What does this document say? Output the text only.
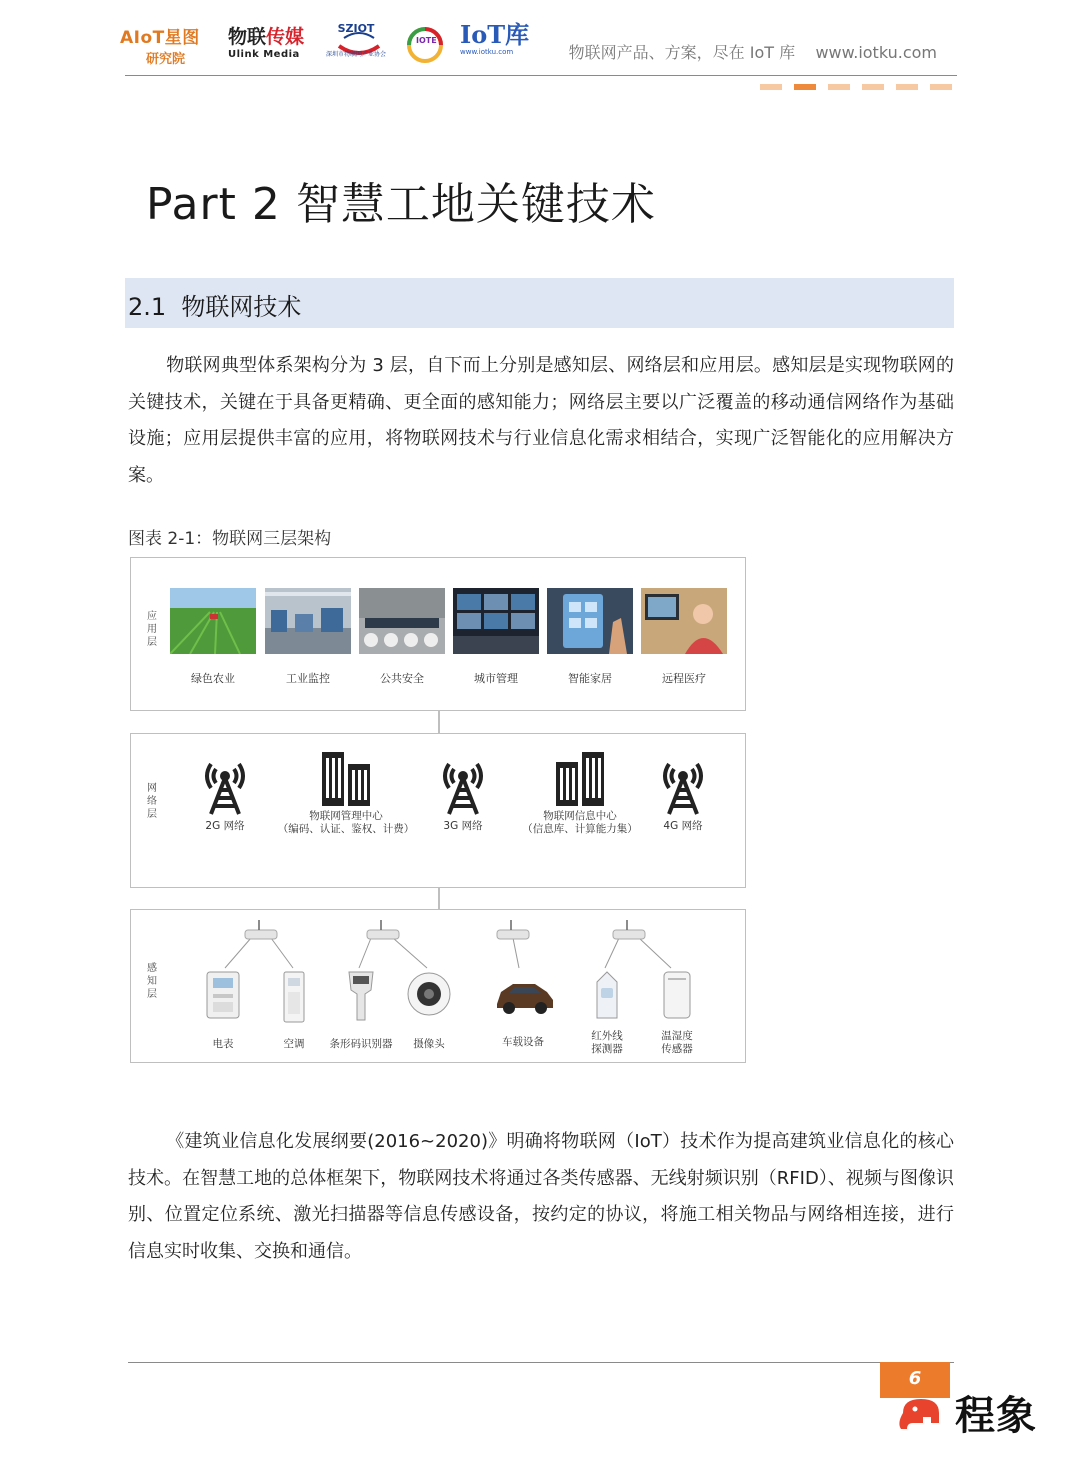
AIoT星图
研究院
物联传媒
Ulink Media
SZIOT
深圳市物联网产业协会
IOTE IoT库
www.iotku.com	物联网产品、方案，尽在 IoT 库    www.iotku.com
Part 2 智慧工地关键技术
2.1  物联网技术
物联网典型体系架构分为 3 层，自下而上分别是感知层、网络层和应用层。感知层是实现物联网的关键技术，关键在于具备更精确、更全面的感知能力；网络层主要以广泛覆盖的移动通信网络作为基础设施；应用层提供丰富的应用，将物联网技术与行业信息化需求相结合，实现广泛智能化的应用解决方案。
图表 2-1：物联网三层架构
应用层
绿色农业	工业监控	公共安全	城市管理	智能家居	远程医疗
网络层
2G 网络
物联网管理中心
（编码、认证、鉴权、计费）	3G 网络
物联网信息中心
（信息库、计算能力集）	4G 网络
感知层
电表	空调	条形码识别器	摄像头	车载设备	红外线
探测器
温湿度
传感器
《建筑业信息化发展纲要(2016~2020)》明确将物联网（IoT）技术作为提高建筑业信息化的核心技术。在智慧工地的总体框架下，物联网技术将通过各类传感器、无线射频识别（RFID）、视频与图像识别、位置定位系统、激光扫描器等信息传感设备，按约定的协议，将施工相关物品与网络相连接，进行信息实时收集、交换和通信。
6
程象
